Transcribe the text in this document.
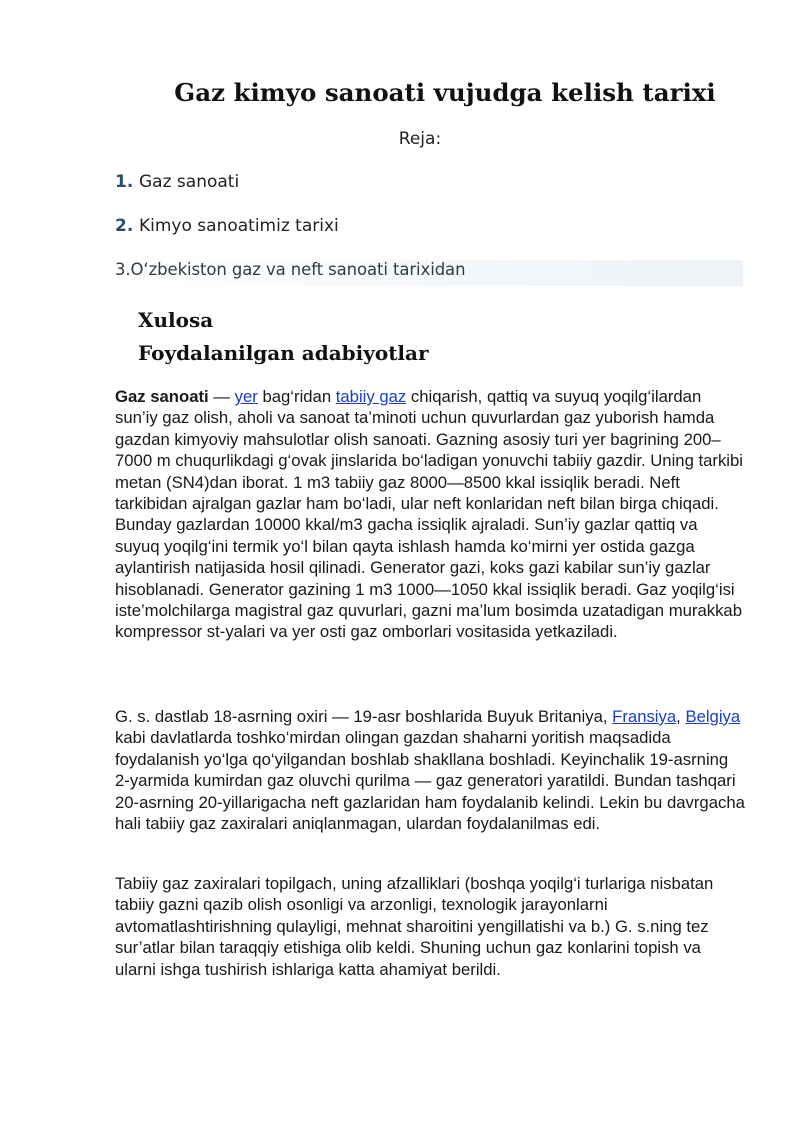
Gaz kimyo sanoati vujudga kelish tarixi
Reja:
1. Gaz sanoati
2. Kimyo sanoatimiz tarixi
3.O‘zbekiston gaz va neft sanoati tarixidan
Xulosa
Foydalanilgan adabiyotlar

Gaz sanoati — yer bag‘ridan tabiiy gaz chiqarish, qattiq va suyuq yoqilg‘ilardan sun’iy gaz olish, aholi va sanoat ta’minoti uchun quvurlardan gaz yuborish hamda gazdan kimyoviy mahsulotlar olish sanoati. Gazning asosiy turi yer bagrining 200–7000 m chuqurlikdagi g‘ovak jinslarida bo‘ladigan yonuvchi tabiiy gazdir. Uning tarkibi metan (SN4)dan iborat. 1 m3 tabiiy gaz 8000—8500 kkal issiqlik beradi. Neft tarkibidan ajralgan gazlar ham bo‘ladi, ular neft konlaridan neft bilan birga chiqadi. Bunday gazlardan 10000 kkal/m3 gacha issiqlik ajraladi. Sun’iy gazlar qattiq va suyuq yoqilg‘ini termik yo‘l bilan qayta ishlash hamda ko‘mirni yer ostida gazga aylantirish natijasida hosil qilinadi. Generator gazi, koks gazi kabilar sun’iy gazlar hisoblanadi. Generator gazining 1 m3 1000—1050 kkal issiqlik beradi. Gaz yoqilg‘isi iste’molchilarga magistral gaz quvurlari, gazni ma’lum bosimda uzatadigan murakkab kompressor st-yalari va yer osti gaz omborlari vositasida yetkaziladi.

G. s. dastlab 18-asrning oxiri — 19-asr boshlarida Buyuk Britaniya, Fransiya, Belgiya kabi davlatlarda toshko‘mirdan olingan gazdan shaharni yoritish maqsadida foydalanish yo‘lga qo‘yilgandan boshlab shakllana boshladi. Keyinchalik 19-asrning 2-yarmida kumirdan gaz oluvchi qurilma — gaz generatori yaratildi. Bundan tashqari 20-asrning 20-yillarigacha neft gazlaridan ham foydalanib kelindi. Lekin bu davrgacha hali tabiiy gaz zaxiralari aniqlanmagan, ulardan foydalanilmas edi.

Tabiiy gaz zaxiralari topilgach, uning afzalliklari (boshqa yoqilg‘i turlariga nisbatan tabiiy gazni qazib olish osonligi va arzonligi, texnologik jarayonlarni avtomatlashtirishning qulayligi, mehnat sharoitini yengillatishi va b.) G. s.ning tez sur’atlar bilan taraqqiy etishiga olib keldi. Shuning uchun gaz konlarini topish va ularni ishga tushirish ishlariga katta ahamiyat berildi.
